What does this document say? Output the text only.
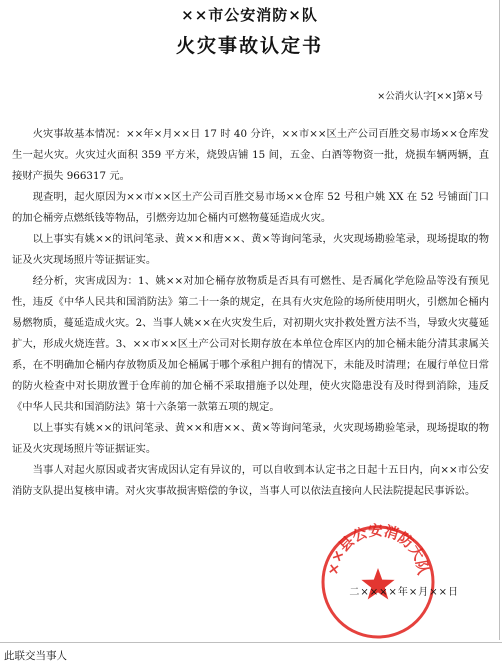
××市公安消防×队
火灾事故认定书
×公消火认字[××]第×号

火灾事故基本情况：××年×月××日 17 时 40 分许，××市××区土产公司百胜交易市场××仓库发生一起火灾。火灾过火面积 359 平方米，烧毁店铺 15 间，五金、白酒等物资一批，烧损车辆两辆，直接财产损失 966317 元。

现查明，起火原因为××市××区土产公司百胜交易市场××仓库 52 号租户姚 XX 在 52 号铺面门口的加仑桶旁点燃纸钱等物品，引燃旁边加仑桶内可燃物蔓延造成火灾。

以上事实有姚××的讯问笔录、黄××和唐××、黄×等询问笔录，火灾现场勘验笔录，现场提取的物证及火灾现场照片等证据证实。

经分析，灾害成因为：1、姚××对加仑桶存放物质是否具有可燃性、是否属化学危险品等没有预见性，违反《中华人民共和国消防法》第二十一条的规定，在具有火灾危险的场所使用明火，引燃加仑桶内易燃物质，蔓延造成火灾。2、当事人姚××在火灾发生后，对初期火灾扑救处置方法不当，导致火灾蔓延扩大，形成火烧连营。3、××市××区土产公司对长期存放在本单位仓库区内的加仑桶未能分清其隶属关系，在不明确加仑桶内存放物质及加仑桶属于哪个承租户拥有的情况下，未能及时清理；在履行单位日常的防火检查中对长期放置于仓库前的加仑桶不采取措施予以处理，使火灾隐患没有及时得到消除，违反《中华人民共和国消防法》第十六条第一款第五项的规定。

以上事实有姚××的讯问笔录、黄××和唐××、黄×等询问笔录，火灾现场勘验笔录，现场提取的物证及火灾现场照片等证据证实。

当事人对起火原因或者灾害成因认定有异议的，可以自收到本认定书之日起十五日内，向××市公安消防支队提出复核申请。对火灾事故损害赔偿的争议，当事人可以依法直接向人民法院提起民事诉讼。

××县公安消防大队
二××××年×月××日
此联交当事人
